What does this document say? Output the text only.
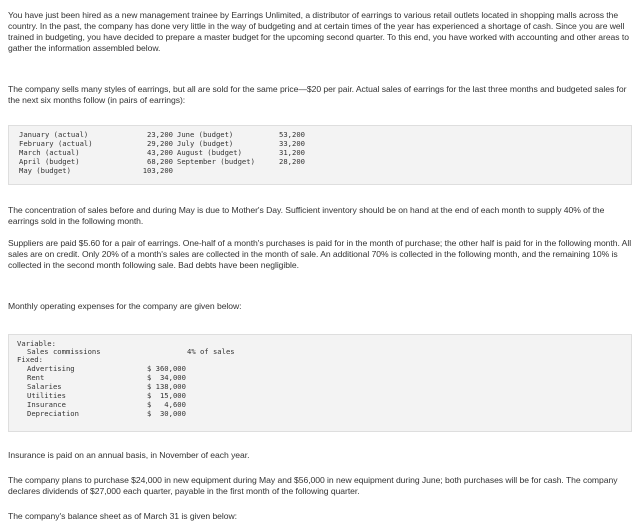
You have just been hired as a new management trainee by Earrings Unlimited, a distributor of earrings to various retail outlets located in shopping malls across the country. In the past, the company has done very little in the way of budgeting and at certain times of the year has experienced a shortage of cash. Since you are well trained in budgeting, you have decided to prepare a master budget for the upcoming second quarter. To this end, you have worked with accounting and other areas to gather the information assembled below.

The company sells many styles of earrings, but all are sold for the same price—$20 per pair. Actual sales of earrings for the last three months and budgeted sales for the next six months follow (in pairs of earrings):

January (actual)	23,200 June (budget)	53,200
February (actual)	29,200 July (budget)	33,200
March (actual)	43,200 August (budget)	31,200
April (budget)	68,200 September (budget)	28,200
May (budget)	103,200

The concentration of sales before and during May is due to Mother's Day. Sufficient inventory should be on hand at the end of each month to supply 40% of the earrings sold in the following month.

Suppliers are paid $5.60 for a pair of earrings. One-half of a month's purchases is paid for in the month of purchase; the other half is paid for in the following month. All sales are on credit. Only 20% of a month's sales are collected in the month of sale. An additional 70% is collected in the following month, and the remaining 10% is collected in the second month following sale. Bad debts have been negligible.

Monthly operating expenses for the company are given below:

Variable:
Sales commissions	4% of sales
Fixed:
Advertising	$ 360,000
Rent	$  34,000
Salaries	$ 138,000
Utilities	$  15,000
Insurance	$   4,600
Depreciation	$  30,000

Insurance is paid on an annual basis, in November of each year.

The company plans to purchase $24,000 in new equipment during May and $56,000 in new equipment during June; both purchases will be for cash. The company declares dividends of $27,000 each quarter, payable in the first month of the following quarter.

The company's balance sheet as of March 31 is given below:
